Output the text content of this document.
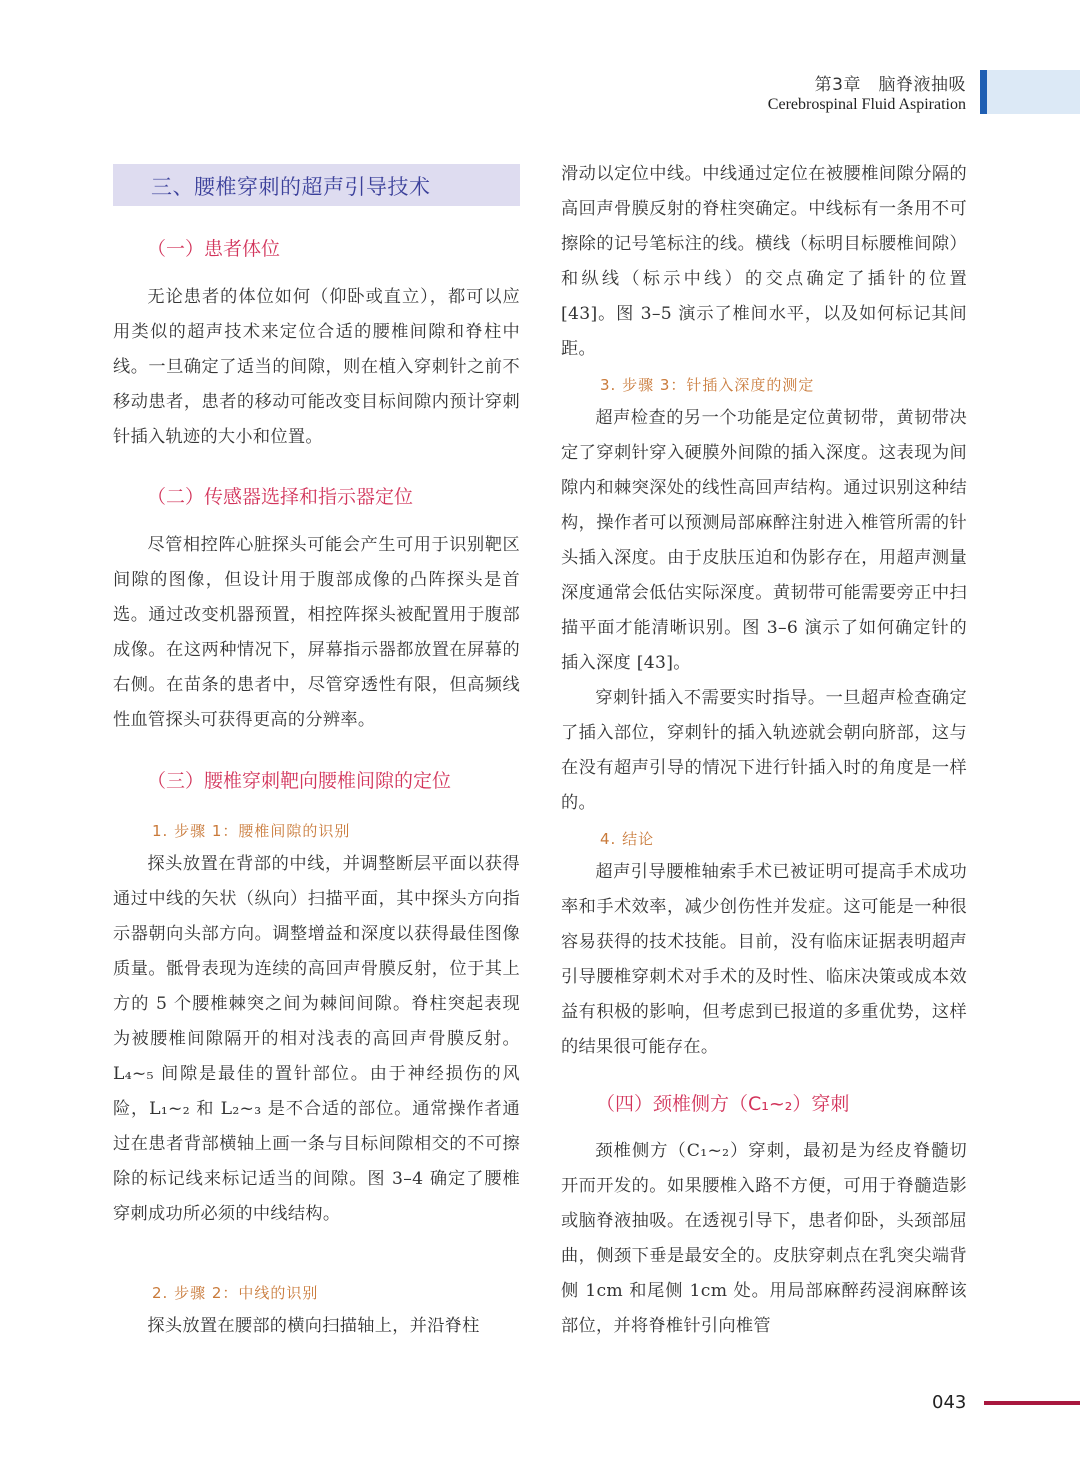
第3章　脑脊液抽吸
Cerebrospinal Fluid Aspiration
三、腰椎穿刺的超声引导技术
（一）患者体位

无论患者的体位如何（仰卧或直立），都可以应用类似的超声技术来定位合适的腰椎间隙和脊柱中线。一旦确定了适当的间隙，则在植入穿刺针之前不移动患者，患者的移动可能改变目标间隙内预计穿刺针插入轨迹的大小和位置。

（二）传感器选择和指示器定位

尽管相控阵心脏探头可能会产生可用于识别靶区间隙的图像，但设计用于腹部成像的凸阵探头是首选。通过改变机器预置，相控阵探头被配置用于腹部成像。在这两种情况下，屏幕指示器都放置在屏幕的右侧。在苗条的患者中，尽管穿透性有限，但高频线性血管探头可获得更高的分辨率。

（三）腰椎穿刺靶向腰椎间隙的定位
1. 步骤 1：腰椎间隙的识别

探头放置在背部的中线，并调整断层平面以获得通过中线的矢状（纵向）扫描平面，其中探头方向指示器朝向头部方向。调整增益和深度以获得最佳图像质量。骶骨表现为连续的高回声骨膜反射，位于其上方的 5 个腰椎棘突之间为棘间间隙。脊柱突起表现为被腰椎间隙隔开的相对浅表的高回声骨膜反射。L₄~₅ 间隙是最佳的置针部位。由于神经损伤的风险，L₁~₂ 和 L₂~₃ 是不合适的部位。通常操作者通过在患者背部横轴上画一条与目标间隙相交的不可擦除的标记线来标记适当的间隙。图 3–4 确定了腰椎穿刺成功所必须的中线结构。

2. 步骤 2：中线的识别

探头放置在腰部的横向扫描轴上，并沿脊柱

滑动以定位中线。中线通过定位在被腰椎间隙分隔的高回声骨膜反射的脊柱突确定。中线标有一条用不可擦除的记号笔标注的线。横线（标明目标腰椎间隙）和纵线（标示中线）的交点确定了插针的位置 [43]。图 3–5 演示了椎间水平，以及如何标记其间距。

3. 步骤 3：针插入深度的测定

超声检查的另一个功能是定位黄韧带，黄韧带决定了穿刺针穿入硬膜外间隙的插入深度。这表现为间隙内和棘突深处的线性高回声结构。通过识别这种结构，操作者可以预测局部麻醉注射进入椎管所需的针头插入深度。由于皮肤压迫和伪影存在，用超声测量深度通常会低估实际深度。黄韧带可能需要旁正中扫描平面才能清晰识别。图 3–6 演示了如何确定针的插入深度 [43]。

穿刺针插入不需要实时指导。一旦超声检查确定了插入部位，穿刺针的插入轨迹就会朝向脐部，这与在没有超声引导的情况下进行针插入时的角度是一样的。

4. 结论

超声引导腰椎轴索手术已被证明可提高手术成功率和手术效率，减少创伤性并发症。这可能是一种很容易获得的技术技能。目前，没有临床证据表明超声引导腰椎穿刺术对手术的及时性、临床决策或成本效益有积极的影响，但考虑到已报道的多重优势，这样的结果很可能存在。

（四）颈椎侧方（C₁~₂）穿刺

颈椎侧方（C₁~₂）穿刺，最初是为经皮脊髓切开而开发的。如果腰椎入路不方便，可用于脊髓造影或脑脊液抽吸。在透视引导下，患者仰卧，头颈部屈曲，侧颈下垂是最安全的。皮肤穿刺点在乳突尖端背侧 1cm 和尾侧 1cm 处。用局部麻醉药浸润麻醉该部位，并将脊椎针引向椎管

043
